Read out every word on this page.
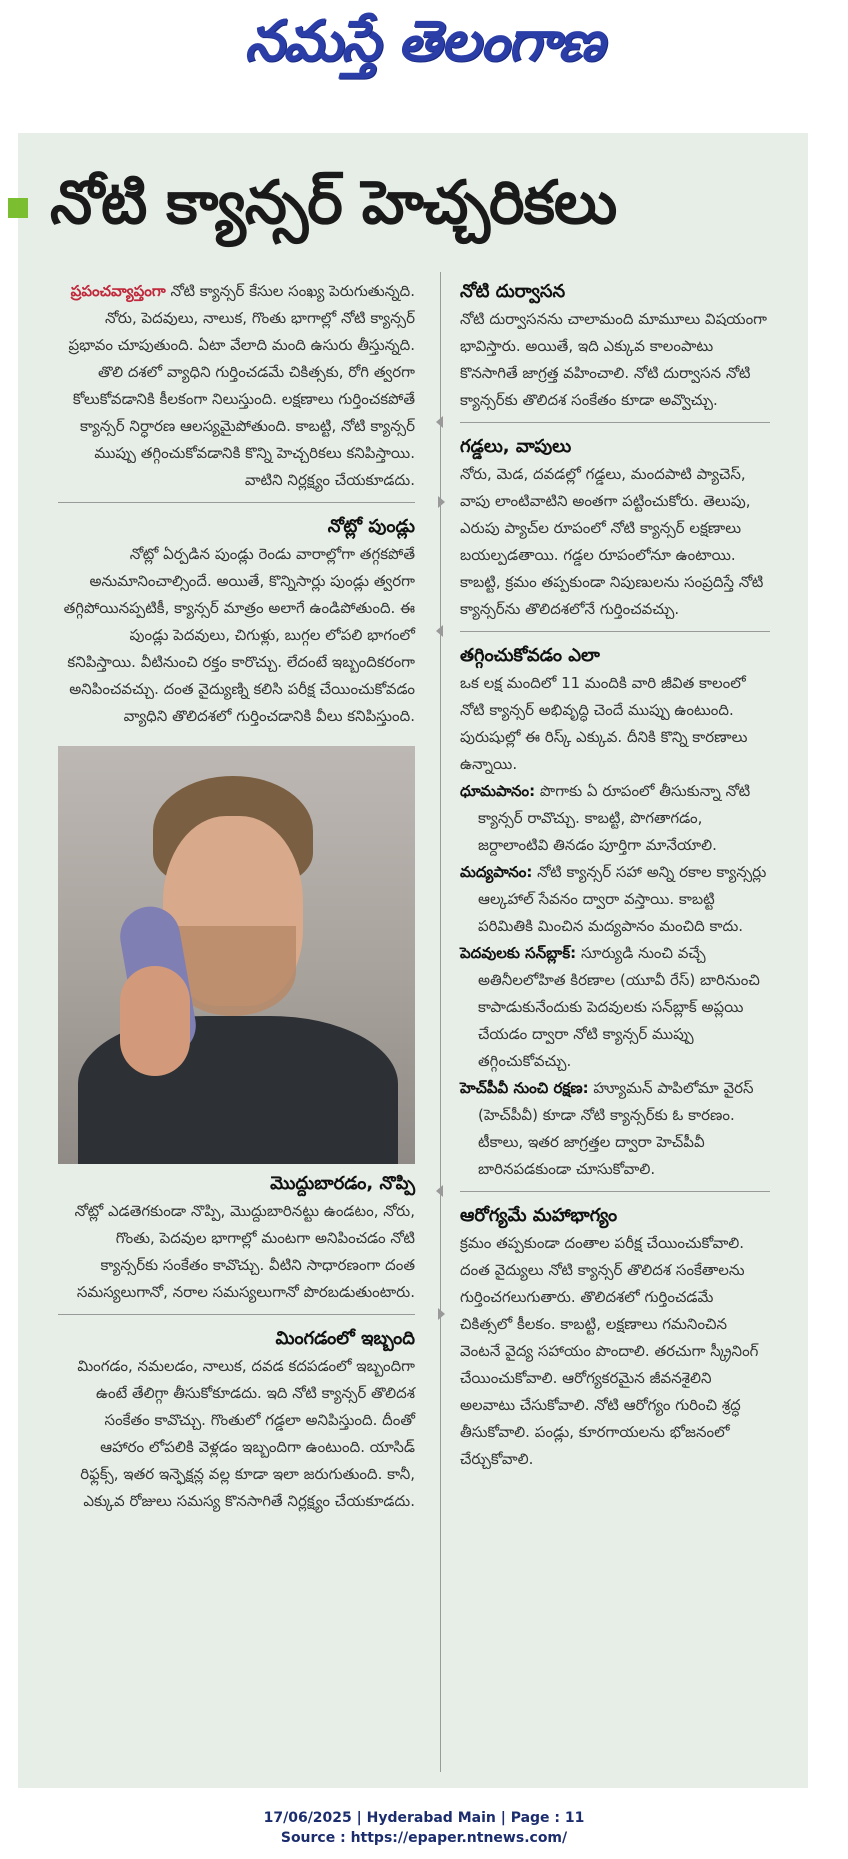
నమస్తే తెలంగాణ
నోటి క్యాన్సర్ హెచ్చరికలు

ప్రపంచవ్యాప్తంగా నోటి క్యాన్సర్ కేసుల సంఖ్య పెరుగుతున్నది. నోరు, పెదవులు, నాలుక, గొంతు భాగాల్లో నోటి క్యాన్సర్ ప్రభావం చూపుతుంది. ఏటా వేలాది మంది ఉసురు తీస్తున్నది. తొలి దశలో వ్యాధిని గుర్తించడమే చికిత్సకు, రోగి త్వరగా కోలుకోవడానికి కీలకంగా నిలుస్తుంది. లక్షణాలు గుర్తించకపోతే క్యాన్సర్ నిర్ధారణ ఆలస్యమైపోతుంది. కాబట్టి, నోటి క్యాన్సర్ ముప్పు తగ్గించుకోవడానికి కొన్ని హెచ్చరికలు కనిపిస్తాయి. వాటిని నిర్లక్ష్యం చేయకూడదు.

నోట్లో పుండ్లు

నోట్లో ఏర్పడిన పుండ్లు రెండు వారాల్లోగా తగ్గకపోతే అనుమానించాల్సిందే. అయితే, కొన్నిసార్లు పుండ్లు త్వరగా తగ్గిపోయినప్పటికీ, క్యాన్సర్ మాత్రం అలాగే ఉండిపోతుంది. ఈ పుండ్లు పెదవులు, చిగుళ్లు, బుగ్గల లోపలి భాగంలో కనిపిస్తాయి. వీటినుంచి రక్తం కారొచ్చు. లేదంటే ఇబ్బందికరంగా అనిపించవచ్చు. దంత వైద్యుణ్ని కలిసి పరీక్ష చేయించుకోవడం వ్యాధిని తొలిదశలో గుర్తించడానికి వీలు కనిపిస్తుంది.

మొద్దుబారడం, నొప్పి

నోట్లో ఎడతెగకుండా నొప్పి, మొద్దుబారినట్టు ఉండటం, నోరు, గొంతు, పెదవుల భాగాల్లో మంటగా అనిపించడం నోటి క్యాన్సర్‌కు సంకేతం కావొచ్చు. వీటిని సాధారణంగా దంత సమస్యలుగానో, నరాల సమస్యలుగానో పొరబడుతుంటారు.

మింగడంలో ఇబ్బంది

మింగడం, నమలడం, నాలుక, దవడ కదపడంలో ఇబ్బందిగా ఉంటే తేలిగ్గా తీసుకోకూడదు. ఇది నోటి క్యాన్సర్ తొలిదశ సంకేతం కావొచ్చు. గొంతులో గడ్డలా అనిపిస్తుంది. దీంతో ఆహారం లోపలికి వెళ్లడం ఇబ్బందిగా ఉంటుంది. యాసిడ్ రిఫ్లక్స్, ఇతర ఇన్ఫెక్షన్ల వల్ల కూడా ఇలా జరుగుతుంది. కానీ, ఎక్కువ రోజులు సమస్య కొనసాగితే నిర్లక్ష్యం చేయకూడదు.

నోటి దుర్వాసన

నోటి దుర్వాసనను చాలామంది మామూలు విషయంగా భావిస్తారు. అయితే, ఇది ఎక్కువ కాలంపాటు కొనసాగితే జాగ్రత్త వహించాలి. నోటి దుర్వాసన నోటి క్యాన్సర్‌కు తొలిదశ సంకేతం కూడా అవ్వొచ్చు.

గడ్డలు, వాపులు

నోరు, మెడ, దవడల్లో గడ్డలు, మందపాటి ప్యాచెస్, వాపు లాంటివాటిని అంతగా పట్టించుకోరు. తెలుపు, ఎరుపు ప్యాచ్‌ల రూపంలో నోటి క్యాన్సర్ లక్షణాలు బయల్పడతాయి. గడ్డల రూపంలోనూ ఉంటాయి. కాబట్టి, క్రమం తప్పకుండా నిపుణులను సంప్రదిస్తే నోటి క్యాన్సర్‌ను తొలిదశలోనే గుర్తించవచ్చు.

తగ్గించుకోవడం ఎలా

ఒక లక్ష మందిలో 11 మందికి వారి జీవిత కాలంలో నోటి క్యాన్సర్ అభివృద్ధి చెందే ముప్పు ఉంటుంది. పురుషుల్లో ఈ రిస్క్ ఎక్కువ. దీనికి కొన్ని కారణాలు ఉన్నాయి.

ధూమపానం: పొగాకు ఏ రూపంలో తీసుకున్నా నోటి క్యాన్సర్ రావొచ్చు. కాబట్టి, పొగతాగడం, జర్దాలాంటివి తినడం పూర్తిగా మానేయాలి.

మద్యపానం: నోటి క్యాన్సర్ సహా అన్ని రకాల క్యాన్సర్లు ఆల్కహాల్ సేవనం ద్వారా వస్తాయి. కాబట్టి పరిమితికి మించిన మద్యపానం మంచిది కాదు.

పెదవులకు సన్‌బ్లాక్: సూర్యుడి నుంచి వచ్చే అతినీలలోహిత కిరణాల (యూవీ రేస్) బారినుంచి కాపాడుకునేందుకు పెదవులకు సన్‌బ్లాక్ అప్లయి చేయడం ద్వారా నోటి క్యాన్సర్ ముప్పు తగ్గించుకోవచ్చు.

హెచ్‌పీవీ నుంచి రక్షణ: హ్యూమన్ పాపిలోమా వైరస్ (హెచ్‌పీవీ) కూడా నోటి క్యాన్సర్‌కు ఓ కారణం. టీకాలు, ఇతర జాగ్రత్తల ద్వారా హెచ్‌పీవీ బారినపడకుండా చూసుకోవాలి.

ఆరోగ్యమే మహాభాగ్యం

క్రమం తప్పకుండా దంతాల పరీక్ష చేయించుకోవాలి. దంత వైద్యులు నోటి క్యాన్సర్ తొలిదశ సంకేతాలను గుర్తించగలుగుతారు. తొలిదశలో గుర్తించడమే చికిత్సలో కీలకం. కాబట్టి, లక్షణాలు గమనించిన వెంటనే వైద్య సహాయం పొందాలి. తరచుగా స్క్రీనింగ్ చేయించుకోవాలి. ఆరోగ్యకరమైన జీవనశైలిని అలవాటు చేసుకోవాలి. నోటి ఆరోగ్యం గురించి శ్రద్ధ తీసుకోవాలి. పండ్లు, కూరగాయలను భోజనంలో చేర్చుకోవాలి.

17/06/2025 | Hyderabad Main | Page : 11
Source : https://epaper.ntnews.com/
